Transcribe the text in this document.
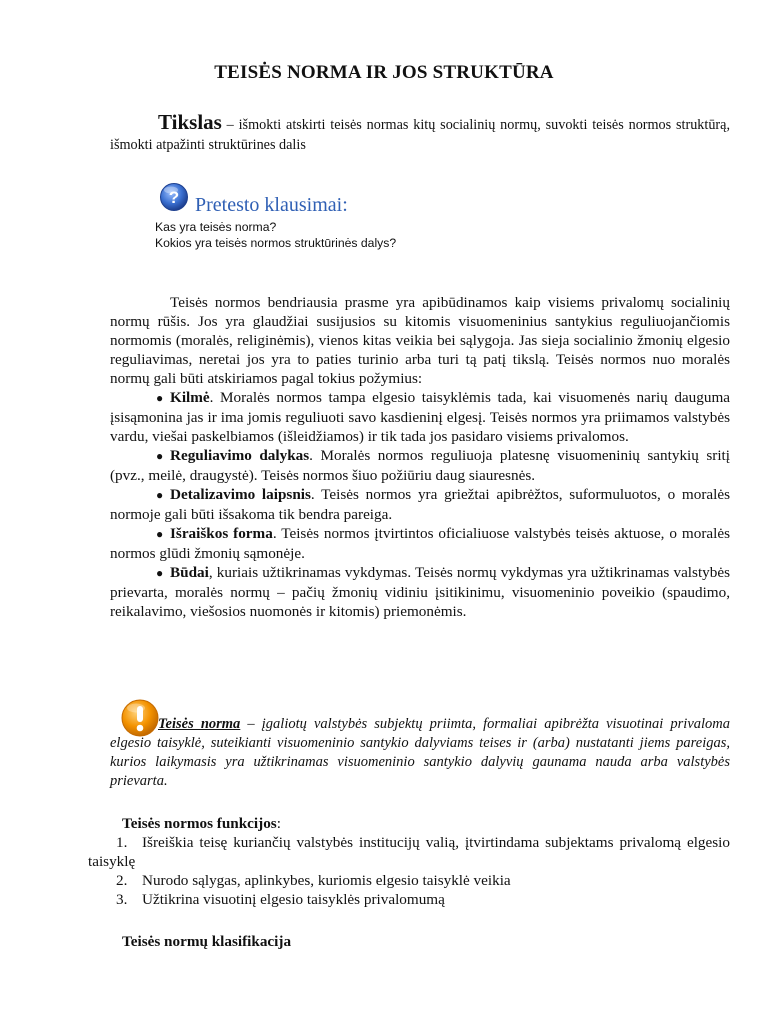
TEISĖS NORMA IR JOS STRUKTŪRA
Tikslas – išmokti atskirti teisės normas kitų socialinių normų, suvokti teisės normos struktūrą, išmokti atpažinti struktūrines dalis
? Pretesto klausimai:
Kas yra teisės norma?
Kokios yra teisės normos struktūrinės dalys?

Teisės normos bendriausia prasme yra apibūdinamos kaip visiems privalomų socialinių normų rūšis. Jos yra glaudžiai susijusios su kitomis visuomeninius santykius reguliuojančiomis normomis (moralės, religinėmis), vienos kitas veikia bei sąlygoja. Jas sieja socialinio žmonių elgesio reguliavimas, neretai jos yra to paties turinio arba turi tą patį tikslą. Teisės normos nuo moralės normų gali būti atskiriamos pagal tokius požymius:

● Kilmė. Moralės normos tampa elgesio taisyklėmis tada, kai visuomenės narių dauguma įsisąmonina jas ir ima jomis reguliuoti savo kasdieninį elgesį. Teisės normos yra priimamos valstybės vardu, viešai paskelbiamos (išleidžiamos) ir tik tada jos pasidaro visiems privalomos.

● Reguliavimo dalykas. Moralės normos reguliuoja platesnę visuomeninių santykių sritį (pvz., meilė, draugystė). Teisės normos šiuo požiūriu daug siauresnės.

● Detalizavimo laipsnis. Teisės normos yra griežtai apibrėžtos, suformuluotos, o moralės normoje gali būti išsakoma tik bendra pareiga.

● Išraiškos forma. Teisės normos įtvirtintos oficialiuose valstybės teisės aktuose, o moralės normos glūdi žmonių sąmonėje.

● Būdai, kuriais užtikrinamas vykdymas. Teisės normų vykdymas yra užtikrinamas valstybės prievarta, moralės normų – pačių žmonių vidiniu įsitikinimu, visuomeninio poveikio (spaudimo, reikalavimo, viešosios nuomonės ir kitomis) priemonėmis.

Teisės norma – įgaliotų valstybės subjektų priimta, formaliai apibrėžta visuotinai privaloma elgesio taisyklė, suteikianti visuomeninio santykio dalyviams teises ir (arba) nustatanti jiems pareigas, kurios laikymasis yra užtikrinamas visuomeninio santykio dalyvių gaunama nauda arba valstybės prievarta.
Teisės normos funkcijos:
1. Išreiškia teisę kuriančių valstybės institucijų valią, įtvirtindama subjektams privalomą elgesio taisyklę
2. Nurodo sąlygas, aplinkybes, kuriomis elgesio taisyklė veikia
3. Užtikrina visuotinį elgesio taisyklės privalomumą
Teisės normų klasifikacija
